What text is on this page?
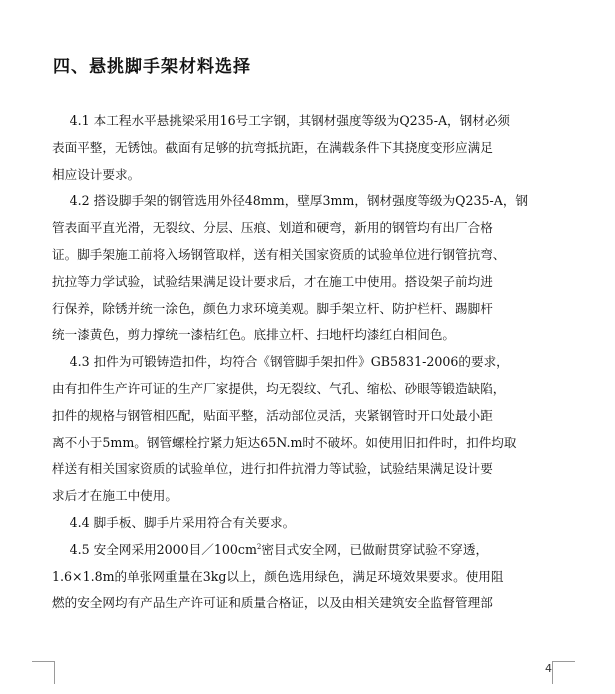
四、悬挑脚手架材料选择
4.1 本工程水平悬挑梁采用16号工字钢，其钢材强度等级为Q235-A，钢材必须
表面平整，无锈蚀。截面有足够的抗弯抵抗距，在满载条件下其挠度变形应满足
相应设计要求。
4.2 搭设脚手架的钢管选用外径48mm，壁厚3mm，钢材强度等级为Q235-A，钢
管表面平直光滑，无裂纹、分层、压痕、划道和硬弯，新用的钢管均有出厂合格
证。脚手架施工前将入场钢管取样，送有相关国家资质的试验单位进行钢管抗弯、
抗拉等力学试验，试验结果满足设计要求后，才在施工中使用。搭设架子前均进
行保养，除锈并统一涂色，颜色力求环境美观。脚手架立杆、防护栏杆、踢脚杆
统一漆黄色，剪力撑统一漆桔红色。底排立杆、扫地杆均漆红白相间色。
4.3 扣件为可锻铸造扣件，均符合《钢管脚手架扣件》GB5831-2006的要求，
由有扣件生产许可证的生产厂家提供，均无裂纹、气孔、缩松、砂眼等锻造缺陷，
扣件的规格与钢管相匹配，贴面平整，活动部位灵活，夹紧钢管时开口处最小距
离不小于5mm。钢管螺栓拧紧力矩达65N.m时不破坏。如使用旧扣件时，扣件均取
样送有相关国家资质的试验单位，进行扣件抗滑力等试验，试验结果满足设计要
求后才在施工中使用。
4.4 脚手板、脚手片采用符合有关要求。
4.5 安全网采用2000目$/100cm^2$密目式安全网，已做耐贯穿试验不穿透，
1.6×1.8m的单张网重量在3kg以上，颜色选用绿色，满足环境效果要求。使用阻
燃的安全网均有产品生产许可证和质量合格证，以及由相关建筑安全监督管理部
4
